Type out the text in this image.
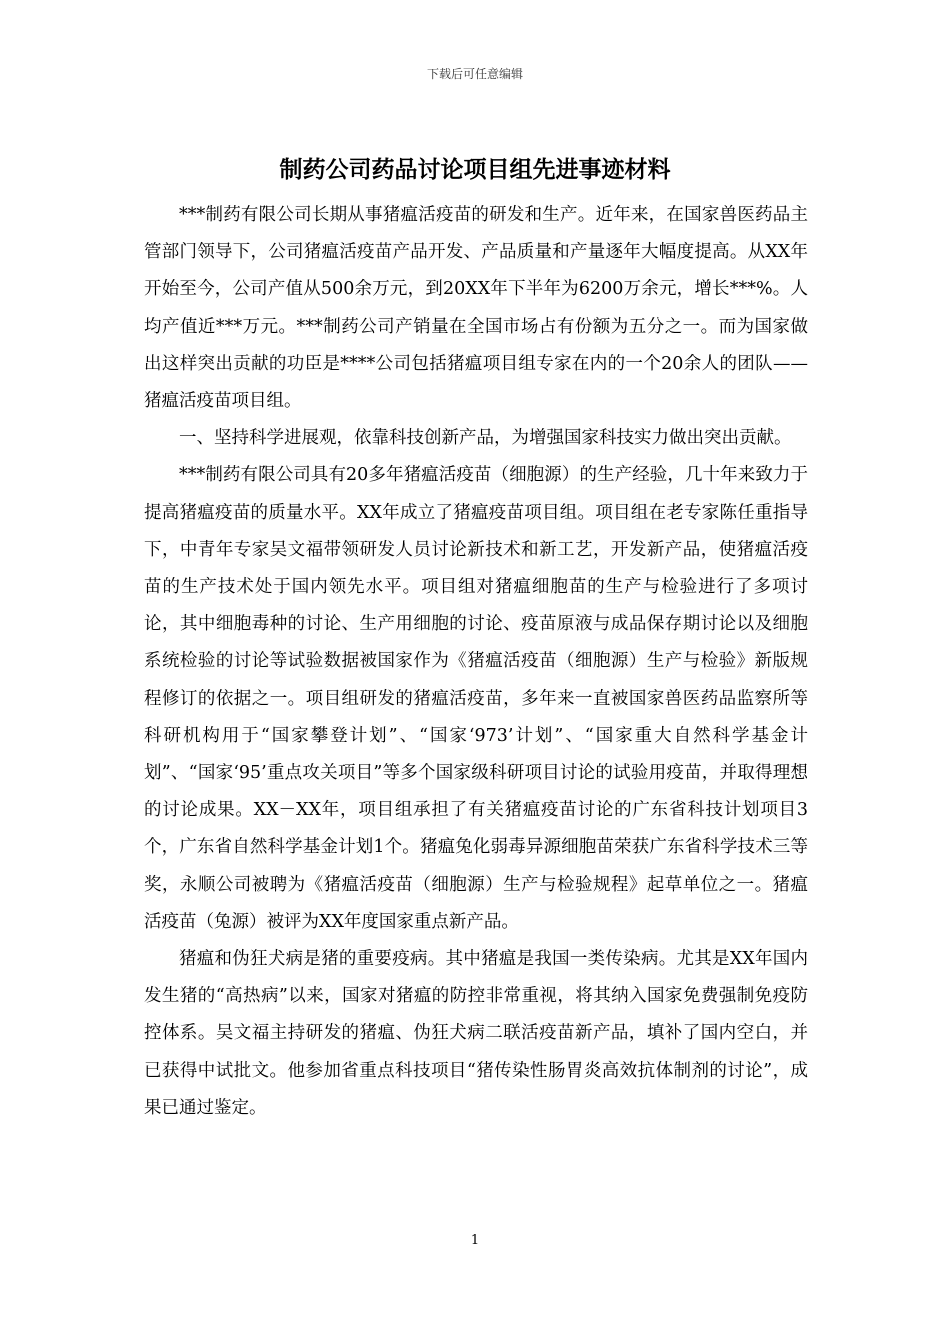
下载后可任意编辑
制药公司药品讨论项目组先进事迹材料

***制药有限公司长期从事猪瘟活疫苗的研发和生产。近年来，在国家兽医药品主管部门领导下，公司猪瘟活疫苗产品开发、产品质量和产量逐年大幅度提高。从XX年开始至今，公司产值从500余万元，到20XX年下半年为6200万余元，增长***%。人均产值近***万元。***制药公司产销量在全国市场占有份额为五分之一。而为国家做出这样突出贡献的功臣是****公司包括猪瘟项目组专家在内的一个20余人的团队——猪瘟活疫苗项目组。

一、坚持科学进展观，依靠科技创新产品，为增强国家科技实力做出突出贡献。

***制药有限公司具有20多年猪瘟活疫苗（细胞源）的生产经验，几十年来致力于提高猪瘟疫苗的质量水平。XX年成立了猪瘟疫苗项目组。项目组在老专家陈任重指导下，中青年专家吴文福带领研发人员讨论新技术和新工艺，开发新产品，使猪瘟活疫苗的生产技术处于国内领先水平。项目组对猪瘟细胞苗的生产与检验进行了多项讨论，其中细胞毒种的讨论、生产用细胞的讨论、疫苗原液与成品保存期讨论以及细胞系统检验的讨论等试验数据被国家作为《猪瘟活疫苗（细胞源）生产与检验》新版规程修订的依据之一。项目组研发的猪瘟活疫苗，多年来一直被国家兽医药品监察所等科研机构用于“国家攀登计划”、“国家‘973’计划”、“国家重大自然科学基金计划”、“国家‘95’重点攻关项目”等多个国家级科研项目讨论的试验用疫苗，并取得理想的讨论成果。XX－XX年，项目组承担了有关猪瘟疫苗讨论的广东省科技计划项目3个，广东省自然科学基金计划1个。猪瘟兔化弱毒异源细胞苗荣获广东省科学技术三等奖，永顺公司被聘为《猪瘟活疫苗（细胞源）生产与检验规程》起草单位之一。猪瘟活疫苗（兔源）被评为XX年度国家重点新产品。

猪瘟和伪狂犬病是猪的重要疫病。其中猪瘟是我国一类传染病。尤其是XX年国内发生猪的“高热病”以来，国家对猪瘟的防控非常重视，将其纳入国家免费强制免疫防控体系。吴文福主持研发的猪瘟、伪狂犬病二联活疫苗新产品，填补了国内空白，并已获得中试批文。他参加省重点科技项目“猪传染性肠胃炎高效抗体制剂的讨论”，成果已通过鉴定。

1
